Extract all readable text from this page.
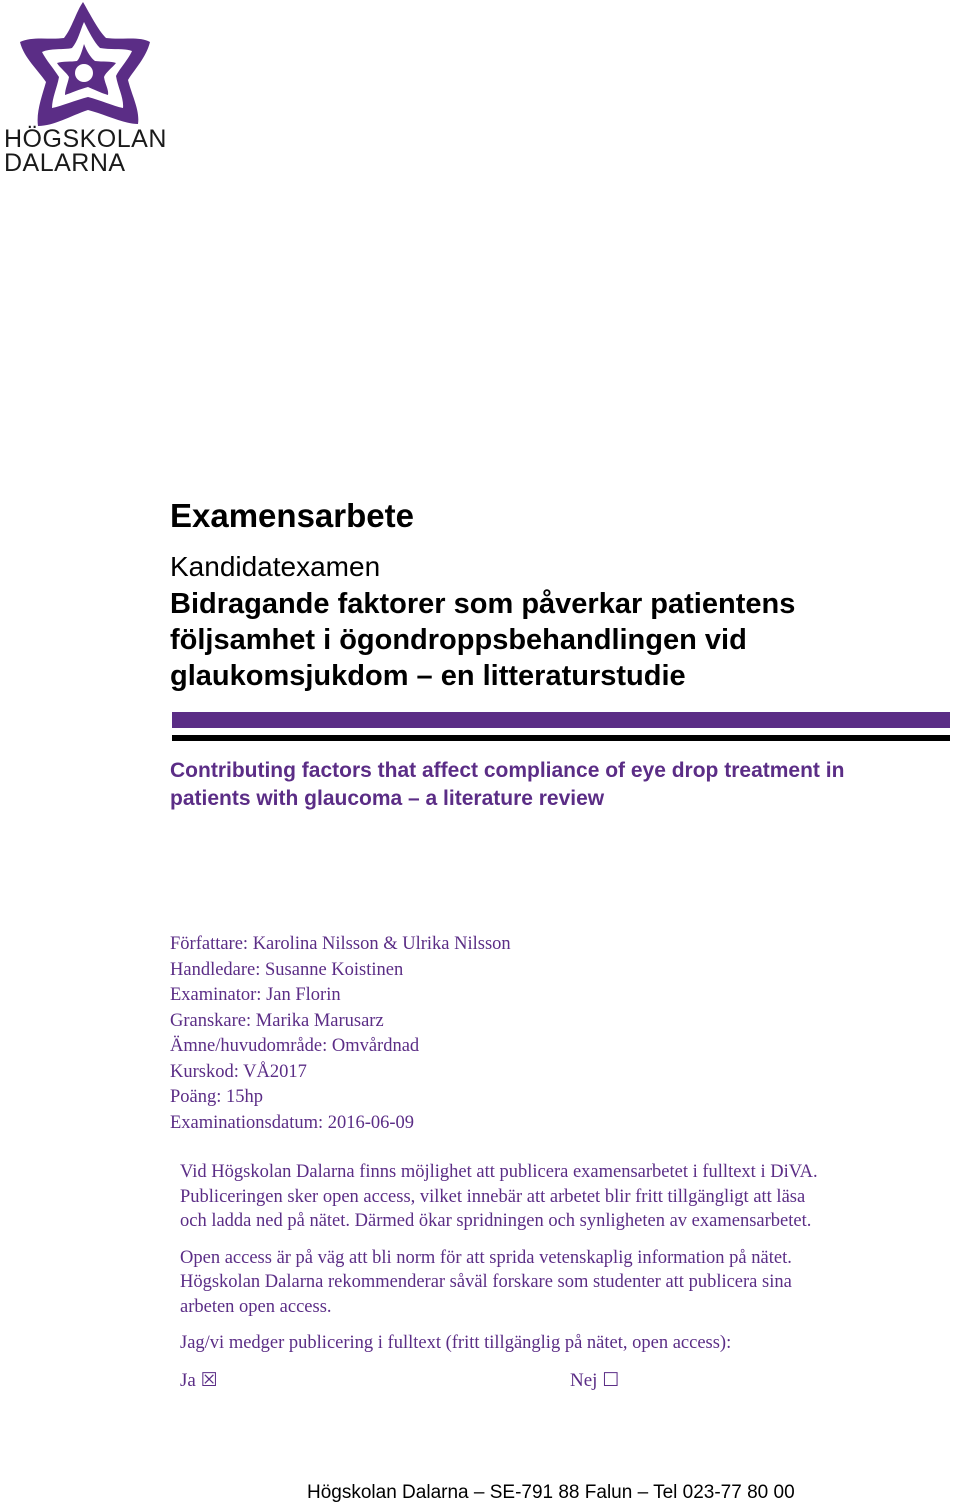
HÖGSKOLAN
DALARNA
Examensarbete
Kandidatexamen
Bidragande faktorer som påverkar patientens
följsamhet i ögondroppsbehandlingen vid
glaukomsjukdom – en litteraturstudie
Contributing factors that affect compliance of eye drop treatment in
patients with glaucoma – a literature review
Författare: Karolina Nilsson & Ulrika Nilsson
Handledare: Susanne Koistinen
Examinator: Jan Florin
Granskare: Marika Marusarz
Ämne/huvudområde: Omvårdnad
Kurskod: VÅ2017
Poäng: 15hp
Examinationsdatum: 2016-06-09

Vid Högskolan Dalarna finns möjlighet att publicera examensarbetet i fulltext i DiVA.
Publiceringen sker open access, vilket innebär att arbetet blir fritt tillgängligt att läsa
och ladda ned på nätet. Därmed ökar spridningen och synligheten av examensarbetet.

Open access är på väg att bli norm för att sprida vetenskaplig information på nätet.
Högskolan Dalarna rekommenderar såväl forskare som studenter att publicera sina
arbeten open access.

Jag/vi medger publicering i fulltext (fritt tillgänglig på nätet, open access):

Ja ☒	Nej ☐
Högskolan Dalarna – SE-791 88 Falun – Tel 023-77 80 00
